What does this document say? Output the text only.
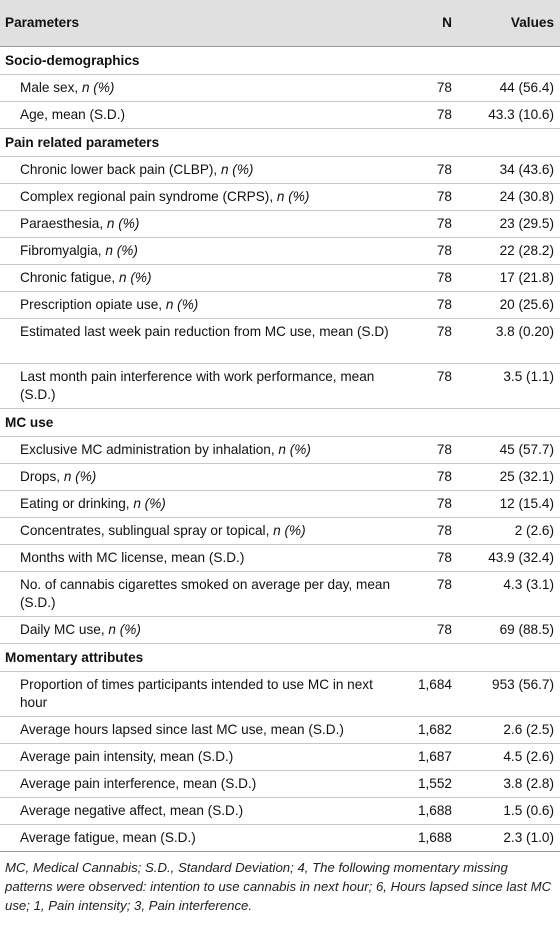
Parameters	N	Values
Socio-demographics		
Male sex, n (%)	78	44 (56.4)
Age, mean (S.D.)	78	43.3 (10.6)
Pain related parameters		
Chronic lower back pain (CLBP), n (%)	78	34 (43.6)
Complex regional pain syndrome (CRPS), n (%)	78	24 (30.8)
Paraesthesia, n (%)	78	23 (29.5)
Fibromyalgia, n (%)	78	22 (28.2)
Chronic fatigue, n (%)	78	17 (21.8)
Prescription opiate use, n (%)	78	20 (25.6)
Estimated last week pain reduction from MC use, mean (S.D)	78	3.8 (0.20)
Last month pain interference with work performance, mean (S.D.)	78	3.5 (1.1)
MC use		
Exclusive MC administration by inhalation, n (%)	78	45 (57.7)
Drops, n (%)	78	25 (32.1)
Eating or drinking, n (%)	78	12 (15.4)
Concentrates, sublingual spray or topical, n (%)	78	2 (2.6)
Months with MC license, mean (S.D.)	78	43.9 (32.4)
No. of cannabis cigarettes smoked on average per day, mean (S.D.)	78	4.3 (3.1)
Daily MC use, n (%)	78	69 (88.5)
Momentary attributes		
Proportion of times participants intended to use MC in next hour	1,684	953 (56.7)
Average hours lapsed since last MC use, mean (S.D.)	1,682	2.6 (2.5)
Average pain intensity, mean (S.D.)	1,687	4.5 (2.6)
Average pain interference, mean (S.D.)	1,552	3.8 (2.8)
Average negative affect, mean (S.D.)	1,688	1.5 (0.6)
Average fatigue, mean (S.D.)	1,688	2.3 (1.0)
MC, Medical Cannabis; S.D., Standard Deviation; 4, The following momentary missing patterns were observed: intention to use cannabis in next hour; 6, Hours lapsed since last MC use; 1, Pain intensity; 3, Pain interference.
